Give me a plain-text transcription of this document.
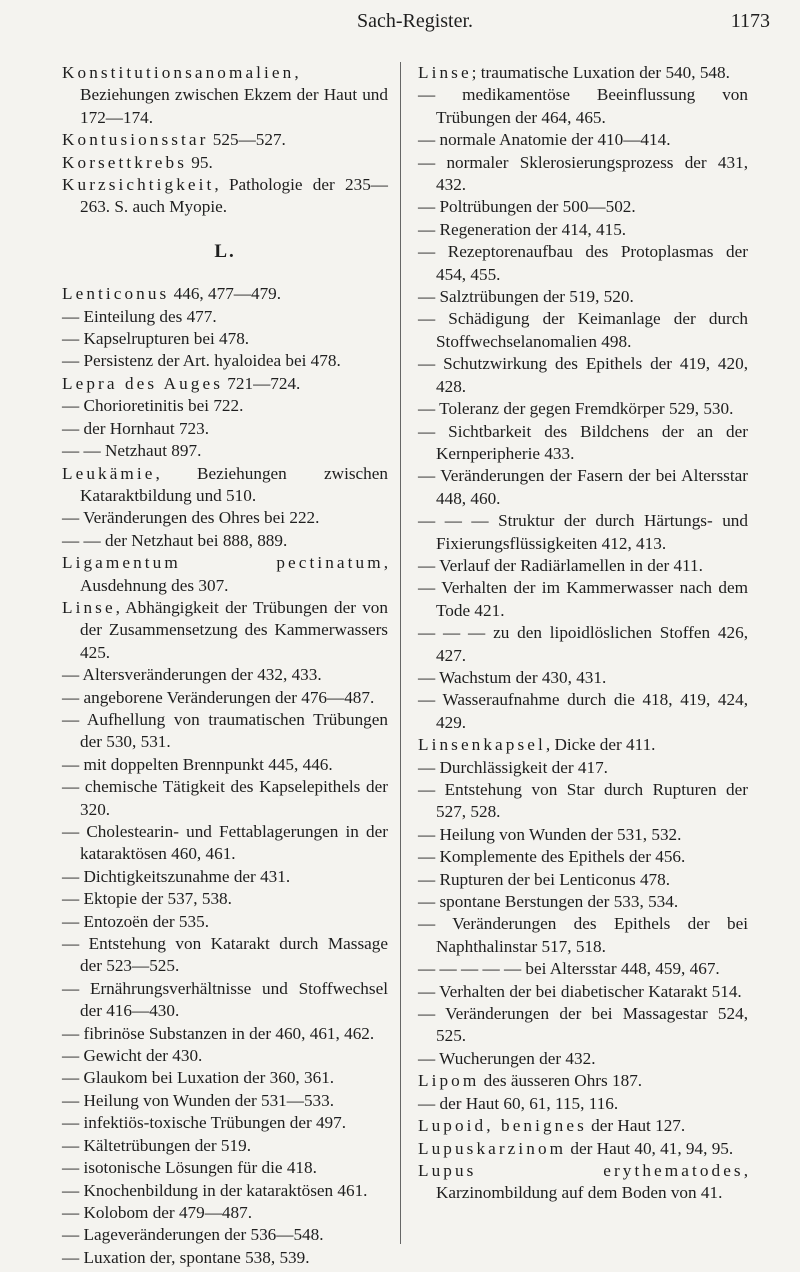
Sach-Register.	1173

Konstitutionsanomalien, Beziehungen zwischen Ekzem der Haut und 172—174.

Kontusionsstar 525—527.

Korsettkrebs 95.

Kurzsichtigkeit, Pathologie der 235—263. S. auch Myopie.

L.

Lenticonus 446, 477—479.

— Einteilung des 477.

— Kapselrupturen bei 478.

— Persistenz der Art. hyaloidea bei 478.

Lepra des Auges 721—724.

— Chorioretinitis bei 722.

— der Hornhaut 723.

— — Netzhaut 897.

Leukämie, Beziehungen zwischen Kataraktbildung und 510.

— Veränderungen des Ohres bei 222.

— — der Netzhaut bei 888, 889.

Ligamentum pectinatum, Ausdehnung des 307.

Linse, Abhängigkeit der Trübungen der von der Zusammensetzung des Kammerwassers 425.

— Altersveränderungen der 432, 433.

— angeborene Veränderungen der 476—487.

— Aufhellung von traumatischen Trübungen der 530, 531.

— mit doppelten Brennpunkt 445, 446.

— chemische Tätigkeit des Kapselepithels der 320.

— Cholestearin- und Fettablagerungen in der kataraktösen 460, 461.

— Dichtigkeitszunahme der 431.

— Ektopie der 537, 538.

— Entozoën der 535.

— Entstehung von Katarakt durch Massage der 523—525.

— Ernährungsverhältnisse und Stoffwechsel der 416—430.

— fibrinöse Substanzen in der 460, 461, 462.

— Gewicht der 430.

— Glaukom bei Luxation der 360, 361.

— Heilung von Wunden der 531—533.

— infektiös-toxische Trübungen der 497.

— Kältetrübungen der 519.

— isotonische Lösungen für die 418.

— Knochenbildung in der kataraktösen 461.

— Kolobom der 479—487.

— Lageveränderungen der 536—548.

— Luxation der, spontane 538, 539.

Linse; traumatische Luxation der 540, 548.

— medikamentöse Beeinflussung von Trübungen der 464, 465.

— normale Anatomie der 410—414.

— normaler Sklerosierungsprozess der 431, 432.

— Poltrübungen der 500—502.

— Regeneration der 414, 415.

— Rezeptorenaufbau des Protoplasmas der 454, 455.

— Salztrübungen der 519, 520.

— Schädigung der Keimanlage der durch Stoffwechselanomalien 498.

— Schutzwirkung des Epithels der 419, 420, 428.

— Toleranz der gegen Fremdkörper 529, 530.

— Sichtbarkeit des Bildchens der an der Kernperipherie 433.

— Veränderungen der Fasern der bei Altersstar 448, 460.

— — — Struktur der durch Härtungs- und Fixierungsflüssigkeiten 412, 413.

— Verlauf der Radiärlamellen in der 411.

— Verhalten der im Kammerwasser nach dem Tode 421.

— — — zu den lipoidlöslichen Stoffen 426, 427.

— Wachstum der 430, 431.

— Wasseraufnahme durch die 418, 419, 424, 429.

Linsenkapsel, Dicke der 411.

— Durchlässigkeit der 417.

— Entstehung von Star durch Rupturen der 527, 528.

— Heilung von Wunden der 531, 532.

— Komplemente des Epithels der 456.

— Rupturen der bei Lenticonus 478.

— spontane Berstungen der 533, 534.

— Veränderungen des Epithels der bei Naphthalinstar 517, 518.

— — — — — bei Altersstar 448, 459, 467.

— Verhalten der bei diabetischer Katarakt 514.

— Veränderungen der bei Massagestar 524, 525.

— Wucherungen der 432.

Lipom des äusseren Ohrs 187.

— der Haut 60, 61, 115, 116.

Lupoid, benignes der Haut 127.

Lupuskarzinom der Haut 40, 41, 94, 95.

Lupus erythematodes, Karzinombildung auf dem Boden von 41.
